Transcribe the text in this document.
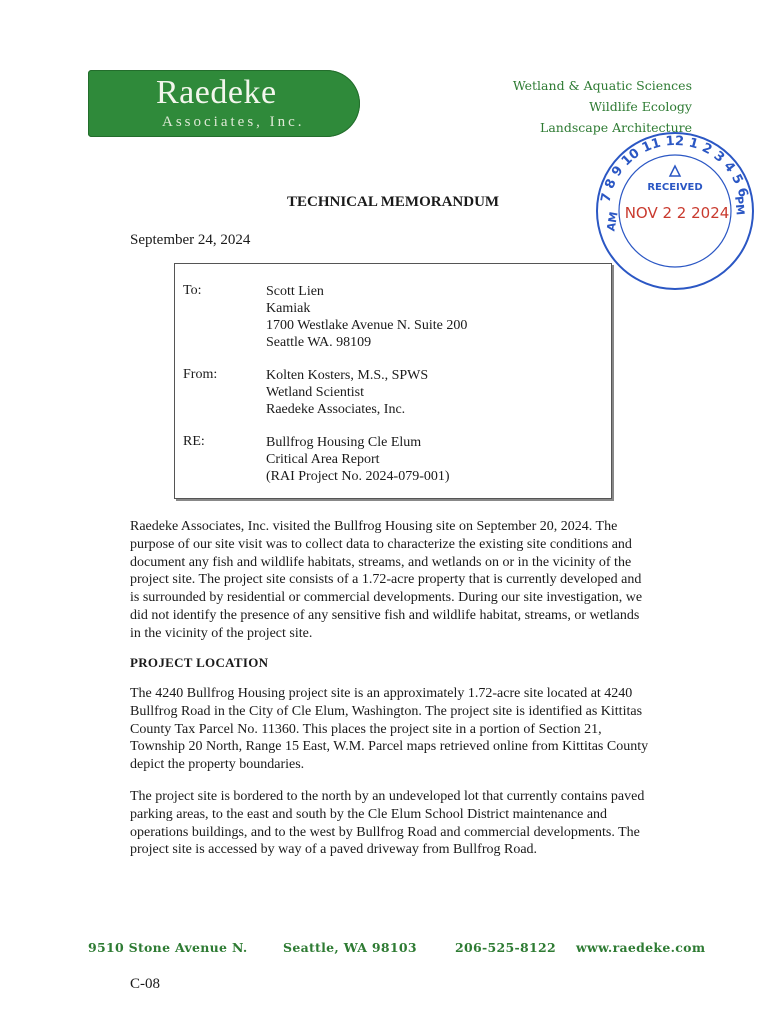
Raedeke
Associates, Inc.
Wetland & Aquatic Sciences
Wildlife Ecology
Landscape Architecture
7 8 9 10 11 12 1 2 3 4 5 6
RECEIVED
NOV 2 2 2024
AM
PM
TECHNICAL MEMORANDUM
September 24, 2024
To:	Scott Lien
Kamiak
1700 Westlake Avenue N. Suite 200
Seattle WA. 98109
From:	Kolten Kosters, M.S., SPWS
Wetland Scientist
Raedeke Associates, Inc.
RE:	Bullfrog Housing Cle Elum
Critical Area Report
(RAI Project No. 2024-079-001)

Raedeke Associates, Inc. visited the Bullfrog Housing site on September 20, 2024. The purpose of our site visit was to collect data to characterize the existing site conditions and document any fish and wildlife habitats, streams, and wetlands on or in the vicinity of the project site. The project site consists of a 1.72-acre property that is currently developed and is surrounded by residential or commercial developments. During our site investigation, we did not identify the presence of any sensitive fish and wildlife habitat, streams, or wetlands in the vicinity of the project site.

PROJECT LOCATION

The 4240 Bullfrog Housing project site is an approximately 1.72-acre site located at 4240 Bullfrog Road in the City of Cle Elum, Washington. The project site is identified as Kittitas County Tax Parcel No. 11360. This places the project site in a portion of Section 21, Township 20 North, Range 15 East, W.M. Parcel maps retrieved online from Kittitas County depict the property boundaries.

The project site is bordered to the north by an undeveloped lot that currently contains paved parking areas, to the east and south by the Cle Elum School District maintenance and operations buildings, and to the west by Bullfrog Road and commercial developments. The project site is accessed by way of a paved driveway from Bullfrog Road.

9510 Stone Avenue N.	Seattle, WA 98103	206-525-8122 www.raedeke.com
C-08
